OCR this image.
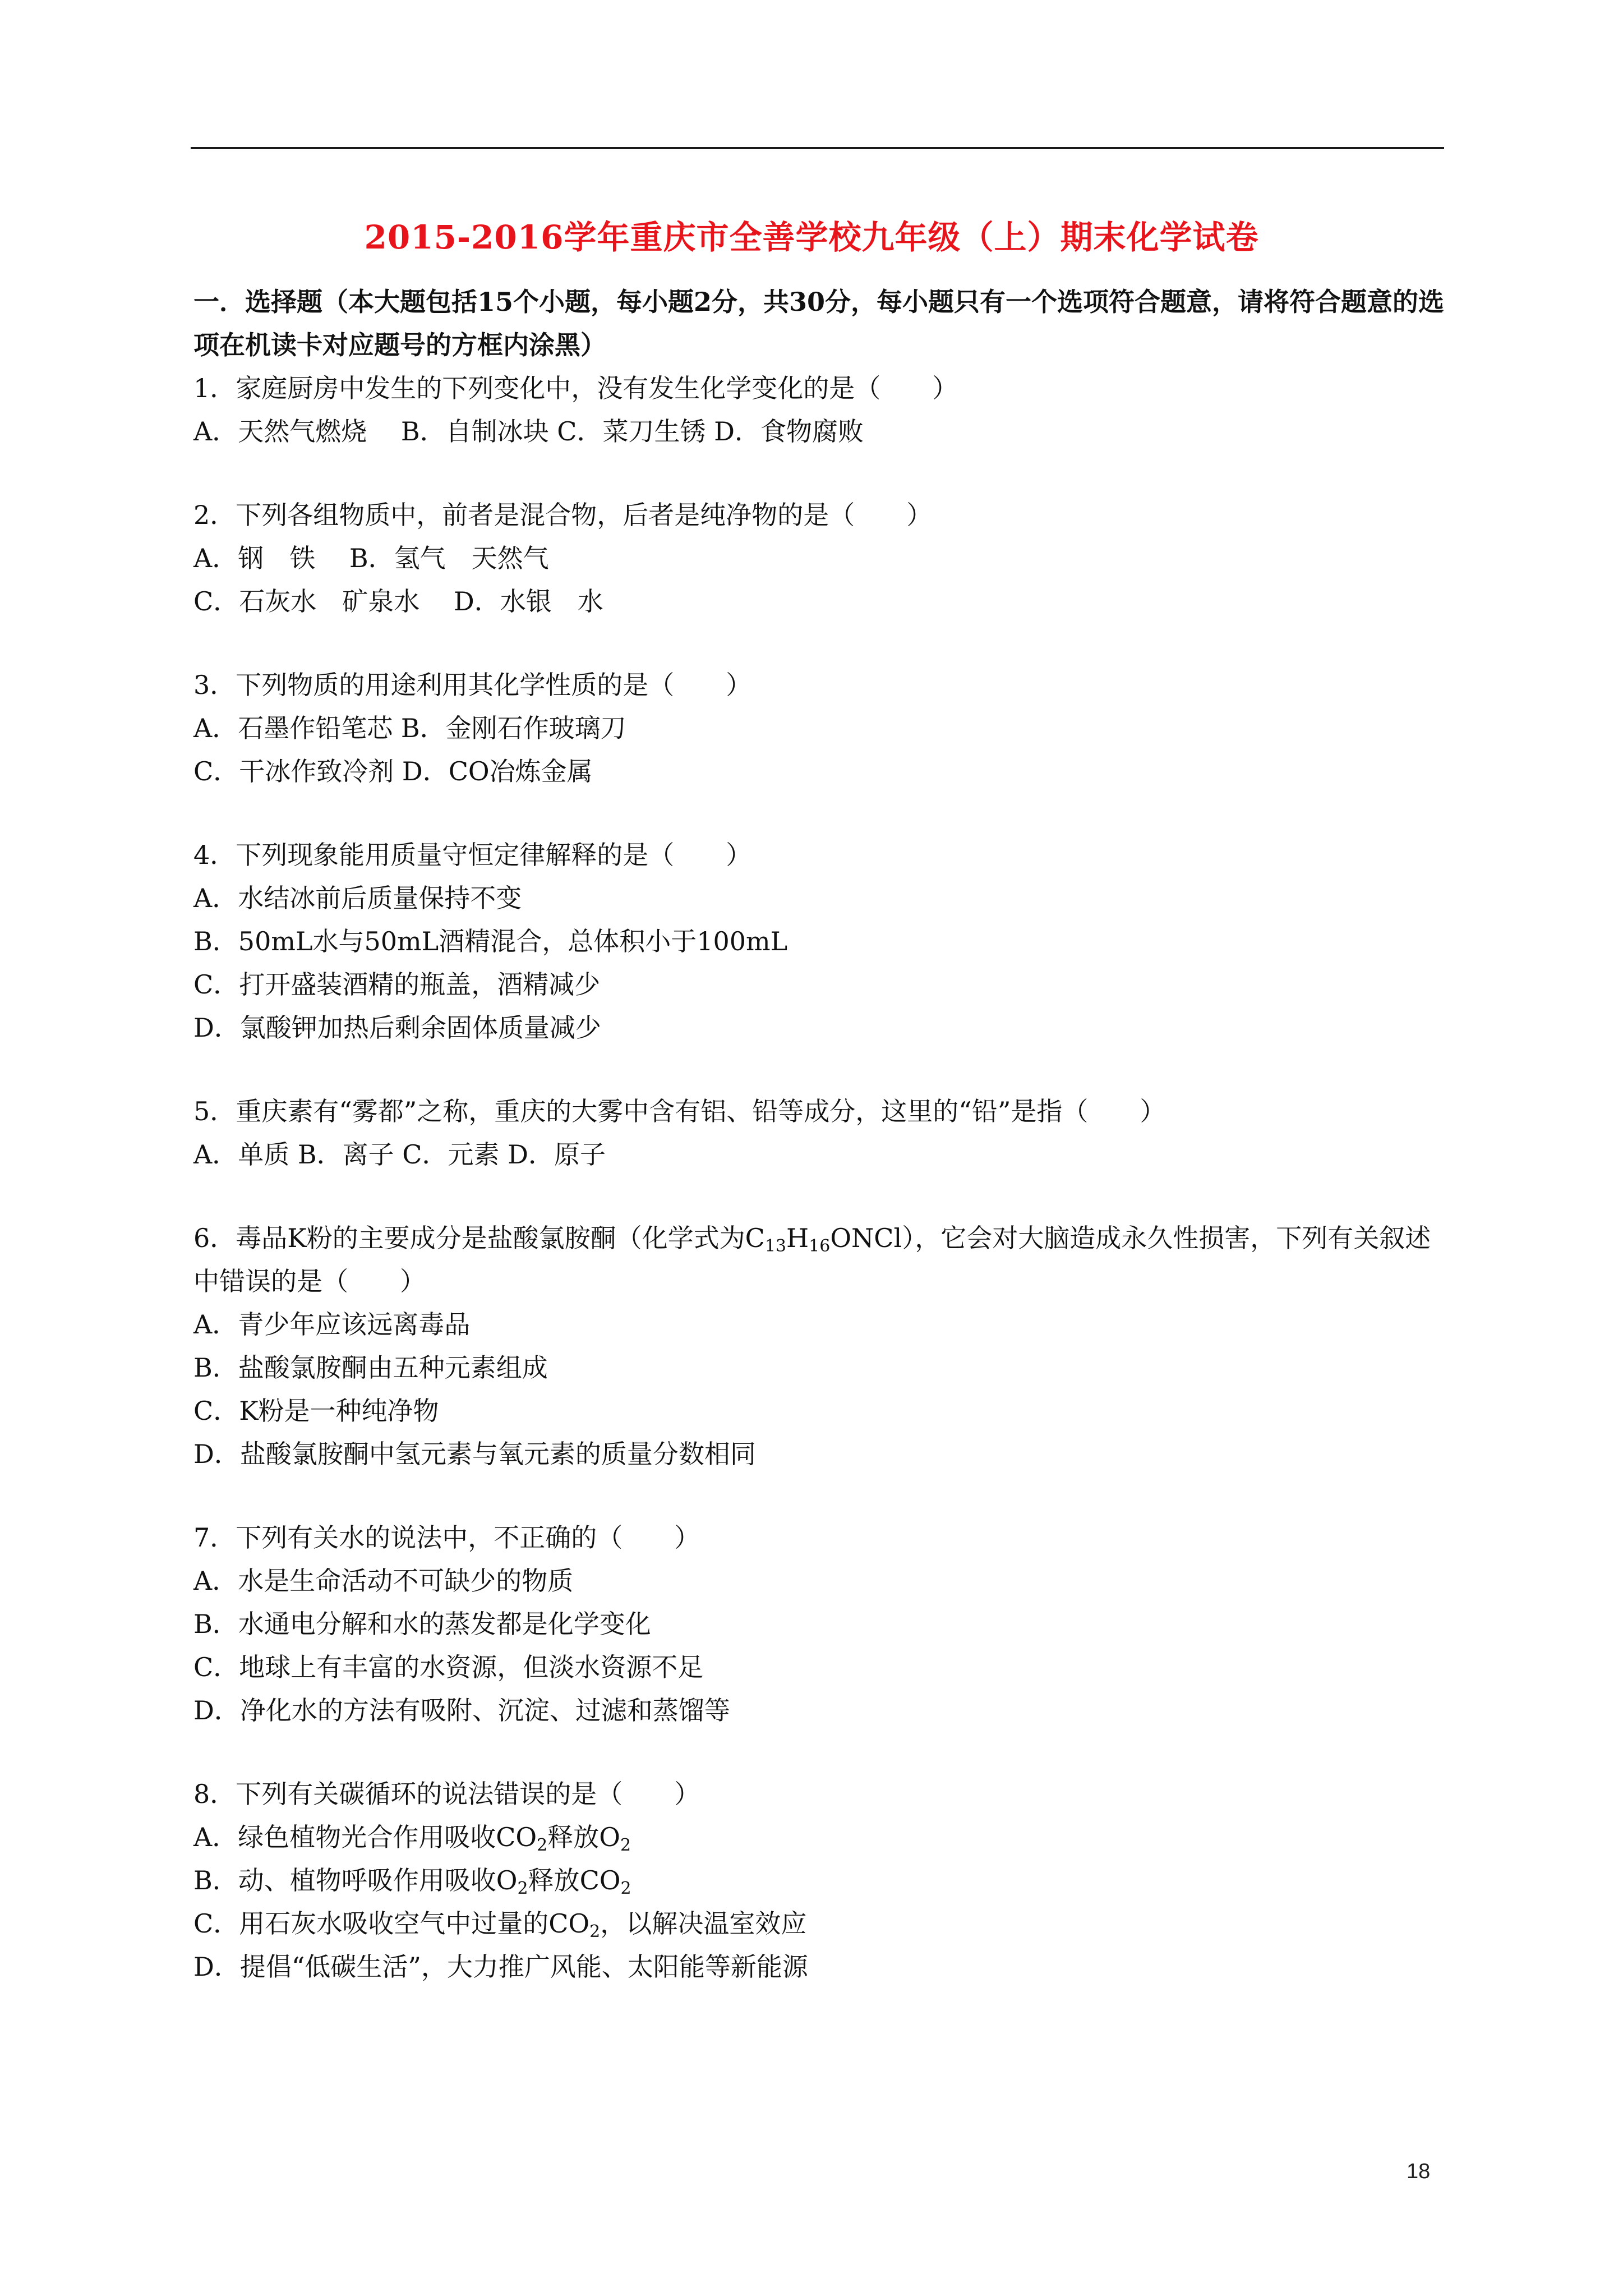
2015-2016学年重庆市全善学校九年级（上）期末化学试卷
一．选择题（本大题包括15个小题，每小题2分，共30分，每小题只有一个选项符合题意，请将符合题意的选项在机读卡对应题号的方框内涂黑）
1．家庭厨房中发生的下列变化中，没有发生化学变化的是（　　）
A．天然气燃烧　 B．自制冰块 C．菜刀生锈 D．食物腐败
2．下列各组物质中，前者是混合物，后者是纯净物的是（　　）
A．钢　铁　 B．氢气　天然气
C．石灰水　矿泉水　 D．水银　水
3．下列物质的用途利用其化学性质的是（　　）
A．石墨作铅笔芯 B．金刚石作玻璃刀
C．干冰作致冷剂 D．CO冶炼金属
4．下列现象能用质量守恒定律解释的是（　　）
A．水结冰前后质量保持不变
B．50mL水与50mL酒精混合，总体积小于100mL
C．打开盛装酒精的瓶盖，酒精减少
D．氯酸钾加热后剩余固体质量减少
5．重庆素有“雾都”之称，重庆的大雾中含有铝、铅等成分，这里的“铅”是指（　　）
A．单质 B．离子 C．元素 D．原子
6．毒品K粉的主要成分是盐酸氯胺酮（化学式为$C_{13}H_{16}ONCl$），它会对大脑造成永久性损害，下列有关叙述中错误的是（　　）
A．青少年应该远离毒品
B．盐酸氯胺酮由五种元素组成
C．K粉是一种纯净物
D．盐酸氯胺酮中氢元素与氧元素的质量分数相同
7．下列有关水的说法中，不正确的（　　）
A．水是生命活动不可缺少的物质
B．水通电分解和水的蒸发都是化学变化
C．地球上有丰富的水资源，但淡水资源不足
D．净化水的方法有吸附、沉淀、过滤和蒸馏等
8．下列有关碳循环的说法错误的是（　　）
A．绿色植物光合作用吸收$CO_2$释放$O_2$
B．动、植物呼吸作用吸收$O_2$释放$CO_2$
C．用石灰水吸收空气中过量的$CO_2$，以解决温室效应
D．提倡“低碳生活”，大力推广风能、太阳能等新能源
18
